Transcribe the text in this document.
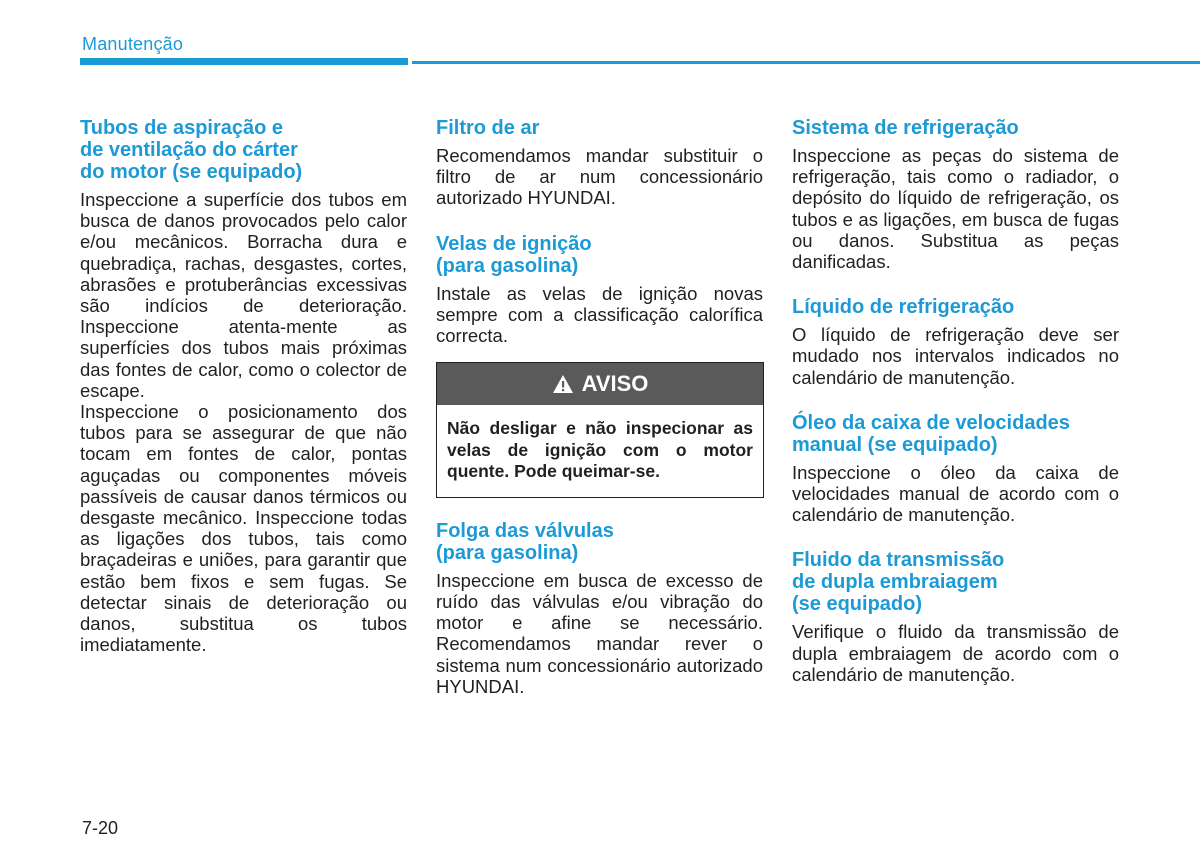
Manutenção
Tubos de aspiração e
de ventilação do cárter
do motor (se equipado)

Inspeccione a superfície dos tubos em busca de danos provocados pelo calor e/ou mecânicos. Borracha dura e quebradiça, rachas, desgastes, cortes, abrasões e protuberâncias excessivas são indícios de deterioração. Inspeccione atenta-mente as superfícies dos tubos mais próximas das fontes de calor, como o colector de escape.

Inspeccione o posicionamento dos tubos para se assegurar de que não tocam em fontes de calor, pontas aguçadas ou componentes móveis passíveis de causar danos térmicos ou desgaste mecânico. Inspeccione todas as ligações dos tubos, tais como braçadeiras e uniões, para garantir que estão bem fixos e sem fugas. Se detectar sinais de deterioração ou danos, substitua os tubos imediatamente.

Filtro de ar

Recomendamos mandar substituir o filtro de ar num concessionário autorizado HYUNDAI.

Velas de ignição
(para gasolina)

Instale as velas de ignição novas sempre com a classificação calorífica correcta.

AVISO
Não desligar e não inspecionar as velas de ignição com o motor quente. Pode queimar-se.
Folga das válvulas
(para gasolina)

Inspeccione em busca de excesso de ruído das válvulas e/ou vibração do motor e afine se necessário. Recomendamos mandar rever o sistema num concessionário autorizado HYUNDAI.

Sistema de refrigeração

Inspeccione as peças do sistema de refrigeração, tais como o radiador, o depósito do líquido de refrigeração, os tubos e as ligações, em busca de fugas ou danos. Substitua as peças danificadas.

Líquido de refrigeração

O líquido de refrigeração deve ser mudado nos intervalos indicados no calendário de manutenção.

Óleo da caixa de velocidades
manual (se equipado)

Inspeccione o óleo da caixa de velocidades manual de acordo com o calendário de manutenção.

Fluido da transmissão
de dupla embraiagem
(se equipado)

Verifique o fluido da transmissão de dupla embraiagem de acordo com o calendário de manutenção.

7-20
